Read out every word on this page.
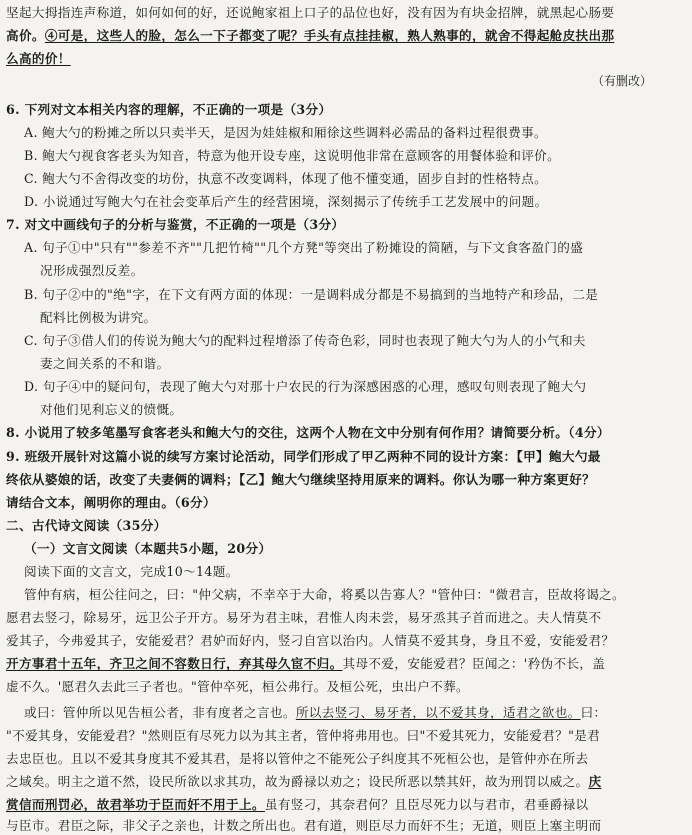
坚起大拇指连声称道，如何如何的好，还说鲍家祖上口子的品位也好，没有因为有块金招牌，就黑起心肠要
高价。④可是，这些人的脸，怎么一下子都变了呢？手头有点挂挂椒，熟人熟事的，就舍不得起舱皮扶出那
么高的价！
（有删改）
6. 下列对文本相关内容的理解，不正确的一项是（3分）
A. 鲍大勺的粉摊之所以只卖半天，是因为娃娃椒和厢徐这些调料必需品的备料过程很费事。
B. 鲍大勺视食客老头为知音，特意为他开设专座，这说明他非常在意顾客的用餐体验和评价。
C. 鲍大勺不舍得改变的坊份，执意不改变调料，体现了他不懂变通，固步自封的性格特点。
D. 小说通过写鲍大勺在社会变革后产生的经营困境，深刻揭示了传统手工艺发展中的问题。
7. 对文中画线句子的分析与鉴赏，不正确的一项是（3分）
A. 句子①中"只有""参差不齐""几把竹椅""几个方凳"等突出了粉摊设的简陋，与下文食客盈门的盛
况形成强烈反差。
B. 句子②中的"绝"字，在下文有两方面的体现：一是调料成分都是不易搞到的当地特产和珍品，二是
配料比例极为讲究。
C. 句子③借人们的传说为鲍大勺的配料过程增添了传奇色彩，同时也表现了鲍大勺为人的小气和夫
妻之间关系的不和谐。
D. 句子④中的疑问句，表现了鲍大勺对那十户农民的行为深感困惑的心理，感叹句则表现了鲍大勺
对他们见利忘义的愤慨。
8. 小说用了较多笔墨写食客老头和鲍大勺的交往，这两个人物在文中分别有何作用？请简要分析。（4分）
9. 班级开展针对这篇小说的续写方案讨论活动，同学们形成了甲乙两种不同的设计方案：【甲】鲍大勺最
终依从婆娘的话，改变了夫妻俩的调料；【乙】鲍大勺继续坚持用原来的调料。你认为哪一种方案更好？
请结合文本，阐明你的理由。（6分）
二、古代诗文阅读（35分）
（一）文言文阅读（本题共5小题，20分）
阅读下面的文言文，完成10～14题。
管仲有病，桓公往问之，曰："仲父病，不幸卒于大命，将奚以告寡人？"管仲曰："微君言，臣故将谒之。
愿君去竖刁，除易牙，远卫公子开方。易牙为君主味，君惟人肉未尝，易牙烝其子首而进之。夫人情莫不
爱其子，今弗爱其子，安能爱君？君妒而好内，竖刁自宫以治内。人情莫不爱其身，身且不爱，安能爱君？
开方事君十五年，齐卫之间不容数日行，弃其母久宦不归。其母不爱，安能爱君？臣闻之：'矜伪不长，盖
虚不久。'愿君久去此三子者也。"管仲卒死，桓公弗行。及桓公死，虫出户不葬。
或曰：管仲所以见告桓公者，非有度者之言也。所以去竖刁、易牙者，以不爱其身，适君之欲也。曰：
"不爱其身，安能爱君？"然则臣有尽死力以为其主者，管仲将弗用也。曰"不爱其死力，安能爱君？"是君
去忠臣也。且以不爱其身度其不爱其君，是将以管仲之不能死公子纠度其不死桓公也，是管仲亦在所去
之域矣。明主之道不然，设民所欲以求其功，故为爵禄以劝之；设民所恶以禁其奸，故为刑罚以威之。庆
赏信而刑罚必，故君举功于臣而奸不用于上。虽有竖刁，其奈君何？且臣尽死力以与君市，君垂爵禄以
与臣市。君臣之际，非父子之亲也，计数之所出也。君有道，则臣尽力而奸不生；无道，则臣上塞主明而
